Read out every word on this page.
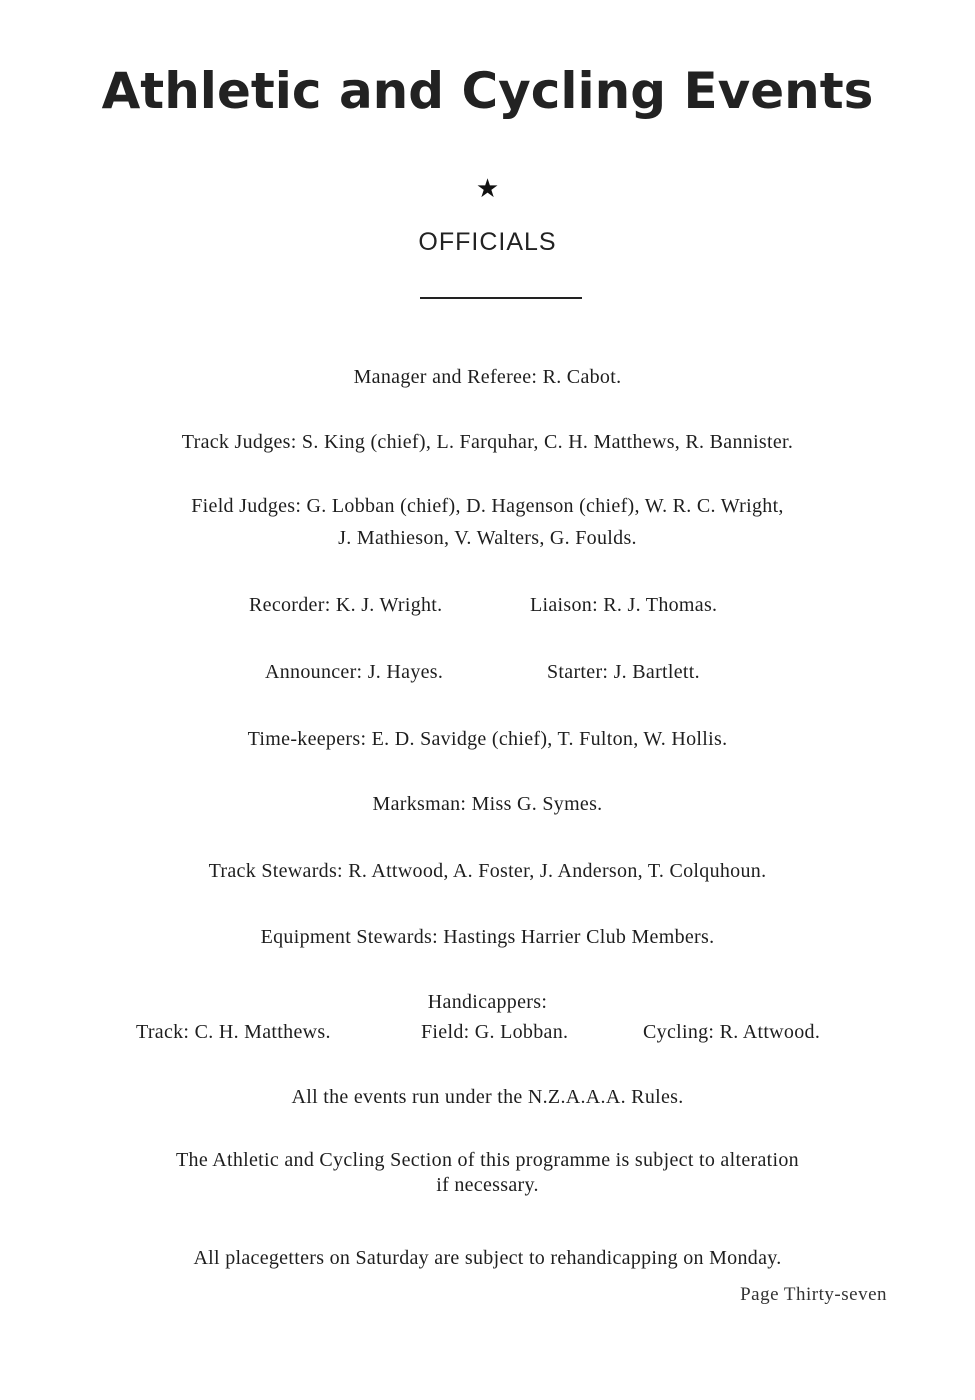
Athletic and Cycling Events
★
OFFICIALS

Manager and Referee: R. Cabot.

Track Judges: S. King (chief), L. Farquhar, C. H. Matthews, R. Bannister.

Field Judges: G. Lobban (chief), D. Hagenson (chief), W. R. C. Wright,

J. Mathieson, V. Walters, G. Foulds.

Recorder: K. J. Wright.	Liaison: R. J. Thomas.
Announcer: J. Hayes.	Starter: J. Bartlett.

Time-keepers: E. D. Savidge (chief), T. Fulton, W. Hollis.

Marksman: Miss G. Symes.

Track Stewards: R. Attwood, A. Foster, J. Anderson, T. Colquhoun.

Equipment Stewards: Hastings Harrier Club Members.

Handicappers:

Track: C. H. Matthews.	Field: G. Lobban.	Cycling: R. Attwood.

All the events run under the N.Z.A.A.A. Rules.

The Athletic and Cycling Section of this programme is subject to alteration

if necessary.

All placegetters on Saturday are subject to rehandicapping on Monday.

Page Thirty-seven
